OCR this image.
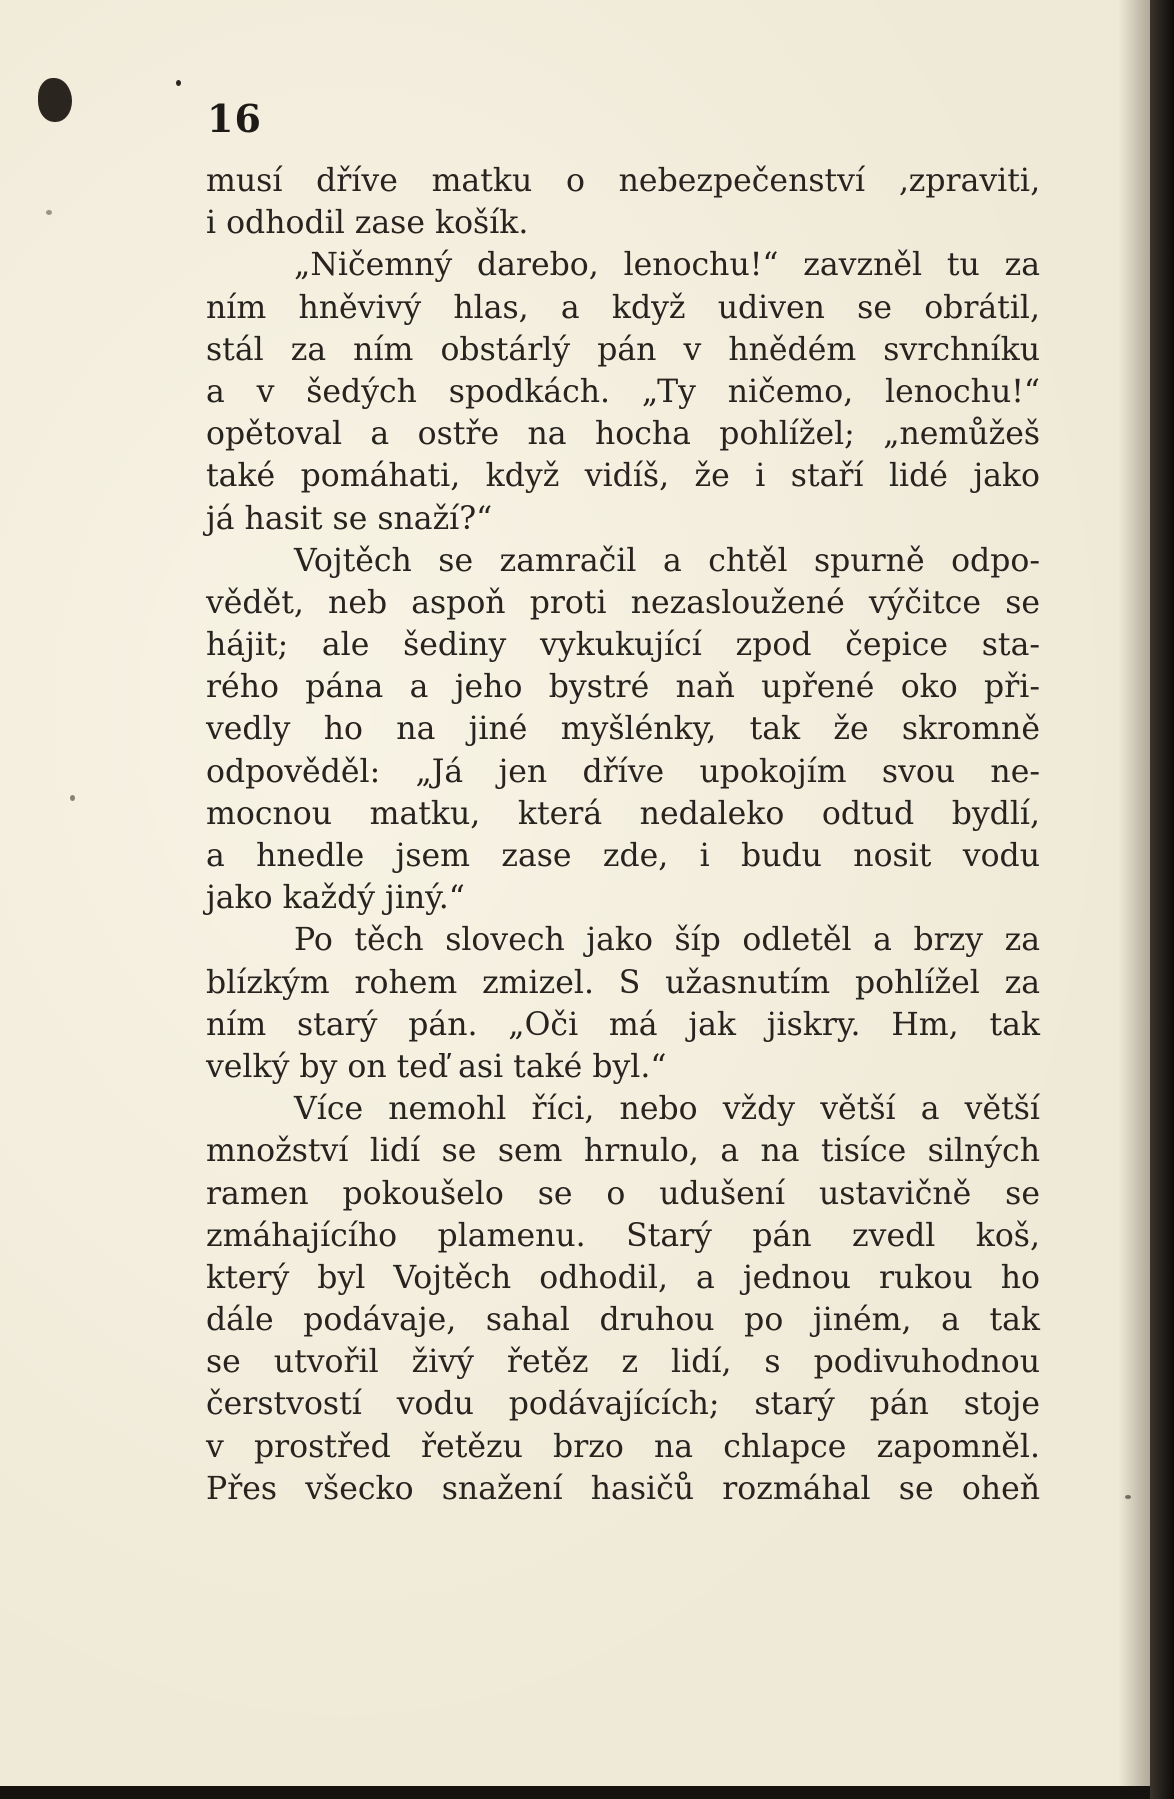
16
musí dříve matku o nebezpečenství ‚zpraviti‚
i odhodil zase košík.
„Ničemný darebo, lenochu!“ zavzněl tu za
ním hněvivý hlas, a když udiven se obrátil,
stál za ním obstárlý pán v hnědém svrchníku
a v šedých spodkách. „Ty ničemo, lenochu!“
opětoval a ostře na hocha pohlížel; „nemůžeš
také pomáhati, když vidíš, že i staří lidé jako
já hasit se snaží?“
Vojtěch se zamračil a chtěl spurně odpo-
vědět, neb aspoň proti nezasloužené výčitce se
hájit; ale šediny vykukující zpod čepice sta-
rého pána a jeho bystré naň upřené oko při-
vedly ho na jiné myšlénky, tak že skromně
odpověděl: „Já jen dříve upokojím svou ne-
mocnou matku, která nedaleko odtud bydlí,
a hnedle jsem zase zde, i budu nosit vodu
jako každý jiný.“
Po těch slovech jako šíp odletěl a brzy za
blízkým rohem zmizel. S užasnutím pohlížel za
ním starý pán. „Oči má jak jiskry. Hm, tak
velký by on teď asi také byl.“
Více nemohl říci, nebo vždy větší a větší
množství lidí se sem hrnulo, a na tisíce silných
ramen pokoušelo se o udušení ustavičně se
zmáhajícího plamenu. Starý pán zvedl koš,
který byl Vojtěch odhodil, a jednou rukou ho
dále podávaje, sahal druhou po jiném, a tak
se utvořil živý řetěz z lidí, s podivuhodnou
čerstvostí vodu podávajících; starý pán stoje
v prostřed řetězu brzo na chlapce zapomněl.
Přes všecko snažení hasičů rozmáhal se oheň
